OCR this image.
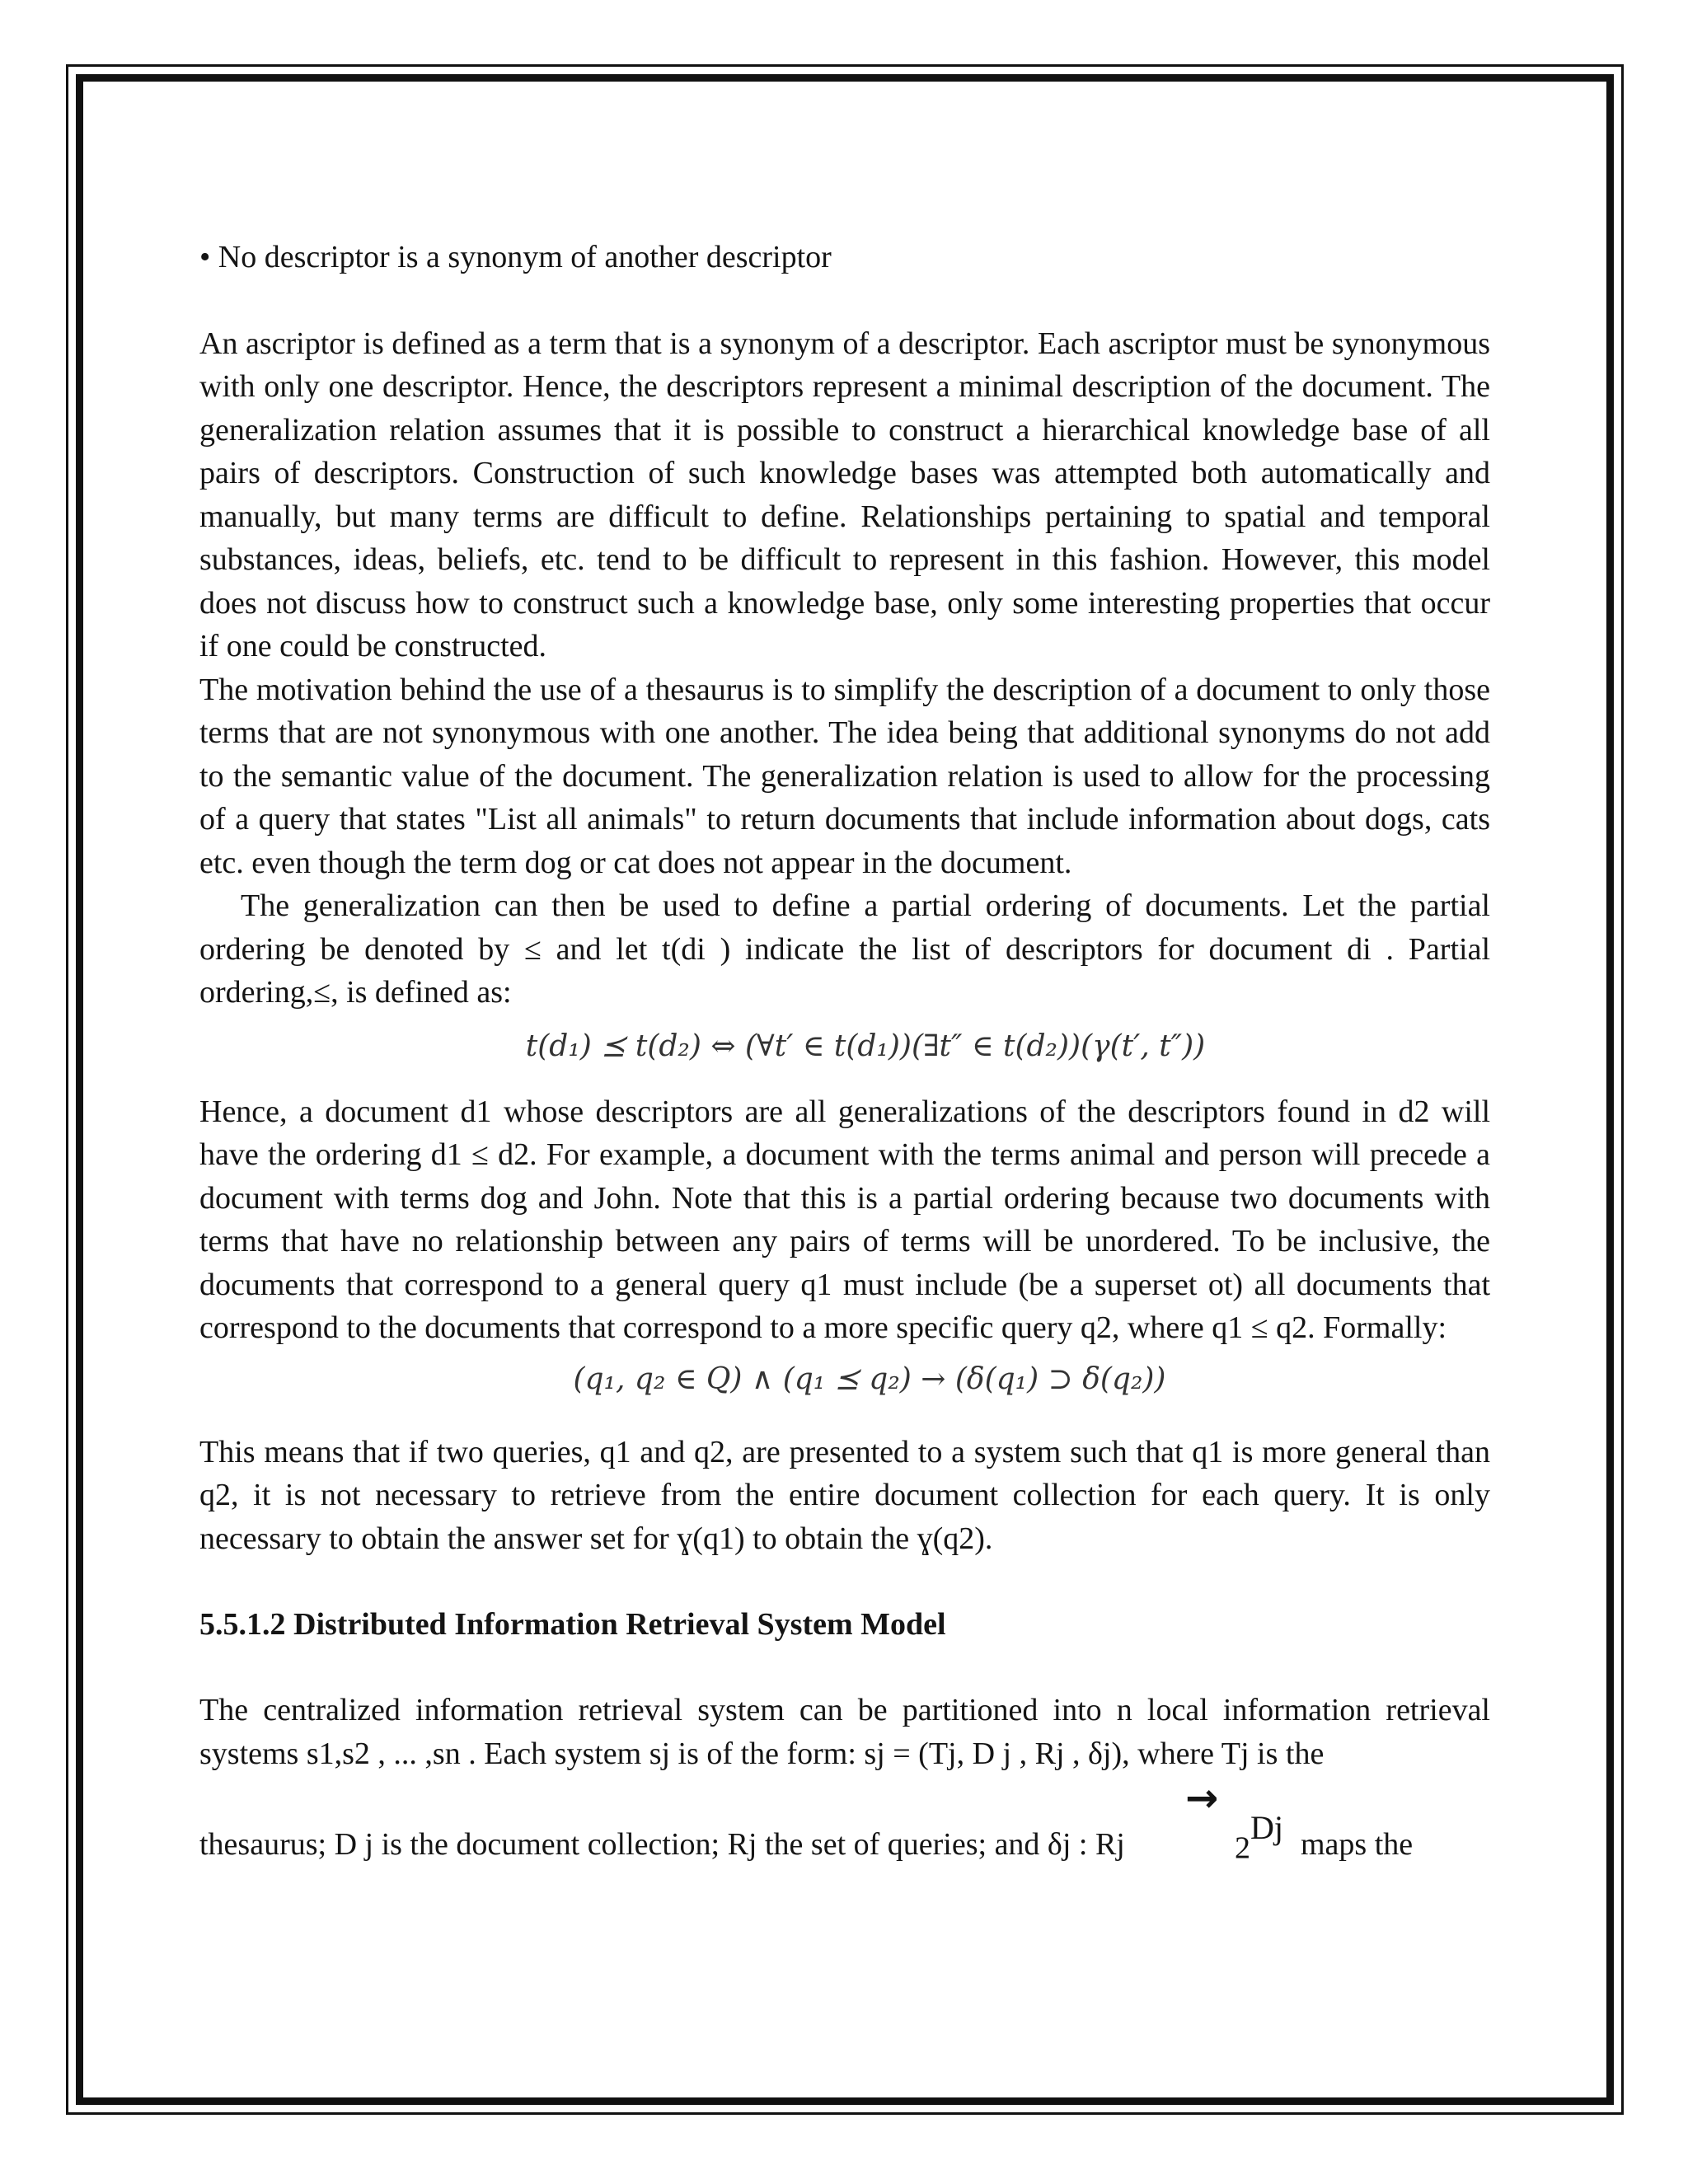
• No descriptor is a synonym of another descriptor

An ascriptor is defined as a term that is a synonym of a descriptor. Each ascriptor must be synonymous with only one descriptor. Hence, the descriptors represent a minimal description of the document. The generalization relation assumes that it is possible to construct a hierarchical knowledge base of all pairs of descriptors. Construction of such knowledge bases was attempted both automatically and manually, but many terms are difficult to define. Relationships pertaining to spatial and temporal substances, ideas, beliefs, etc. tend to be difficult to represent in this fashion. However, this model does not discuss how to construct such a knowledge base, only some interesting properties that occur if one could be constructed.

The motivation behind the use of a thesaurus is to simplify the description of a document to only those terms that are not synonymous with one another. The idea being that additional synonyms do not add to the semantic value of the document. The generalization relation is used to allow for the processing of a query that states "List all animals" to return documents that include information about dogs, cats etc. even though the term dog or cat does not appear in the document.

The generalization can then be used to define a partial ordering of documents. Let the partial ordering be denoted by ≤ and let t(di ) indicate the list of descriptors for document di . Partial ordering,≤, is defined as:

t(d₁) ⪯ t(d₂) ⇔ (∀t′ ∈ t(d₁))(∃t″ ∈ t(d₂))(γ(t′, t″))

Hence, a document d1 whose descriptors are all generalizations of the descriptors found in d2 will have the ordering d1 ≤ d2. For example, a document with the terms animal and person will precede a document with terms dog and John. Note that this is a partial ordering because two documents with terms that have no relationship between any pairs of terms will be unordered. To be inclusive, the documents that correspond to a general query q1 must include (be a superset ot) all documents that correspond to the documents that correspond to a more specific query q2, where q1 ≤ q2. Formally:

(q₁, q₂ ∈ Q) ∧ (q₁ ⪯ q₂) → (δ(q₁) ⊃ δ(q₂))

This means that if two queries, q1 and q2, are presented to a system such that q1 is more general than q2, it is not necessary to retrieve from the entire document collection for each query. It is only necessary to obtain the answer set for ɣ(q1) to obtain the ɣ(q2).

5.5.1.2 Distributed Information Retrieval System Model

The centralized information retrieval system can be partitioned into n local information retrieval systems s1,s2 , ... ,sn . Each system sj is of the form: sj = (Tj, D j , Rj , δj), where Tj is the

thesaurus; D j is the document collection; Rj the set of queries; and δj : Rj
→
$2^{Dj}$ maps the
